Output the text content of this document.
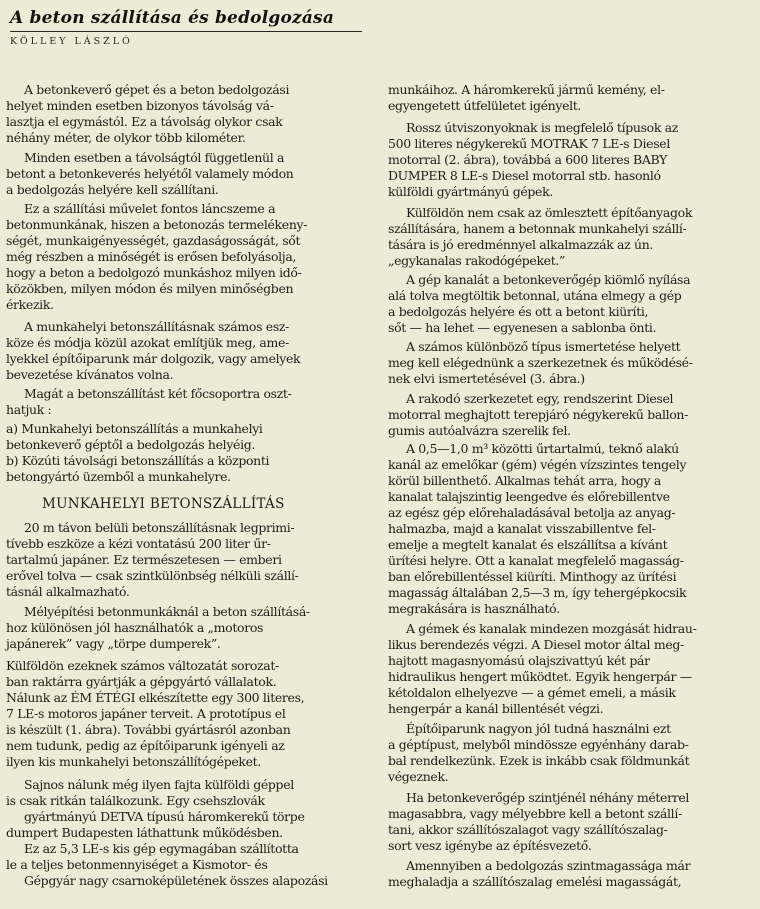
A beton szállítása és bedolgozása
KÖLLEY LÁSZLÓ
A betonkeverő gépet és a beton bedolgozási
helyet minden esetben bizonyos távolság vá-
lasztja el egymástól. Ez a távolság olykor csak
néhány méter, de olykor több kilométer.
Minden esetben a távolságtól függetlenül a
betont a betonkeverés helyétől valamely módon
a bedolgozás helyére kell szállítani.
Ez a szállítási művelet fontos láncszeme a
betonmunkának, hiszen a betonozás termelékeny-
ségét, munkaigényességét, gazdaságosságát, sőt
még részben a minőségét is erősen befolyásolja,
hogy a beton a bedolgozó munkáshoz milyen idő-
közökben, milyen módon és milyen minőségben
érkezik.
A munkahelyi betonszállításnak számos esz-
köze és módja közül azokat említjük meg, ame-
lyekkel építőiparunk már dolgozik, vagy amelyek
bevezetése kívánatos volna.
Magát a betonszállítást két főcsoportra oszt-
hatjuk :
a) Munkahelyi betonszállítás a munkahelyi
betonkeverő géptől a bedolgozás helyéig.
b) Közúti távolsági betonszállítás a központi
betongyártó üzemből a munkahelyre.
20 m távon belüli betonszállításnak legprimi-
tívebb eszköze a kézi vontatású 200 liter űr-
tartalmú japáner. Ez természetesen — emberi
erővel tolva — csak szintkülönbség nélküli szállí-
tásnál alkalmazható.
Mélyépítési betonmunkáknál a beton szállításá-
hoz különösen jól használhatók a „motoros
japánerek” vagy „törpe dumperek”.
Külföldön ezeknek számos változatát sorozat-
ban raktárra gyártják a gépgyártó vállalatok.
Nálunk az ÉM ÉTÉGI elkészítette egy 300 literes,
7 LE-s motoros japáner terveit. A prototípus el
is készült (1. ábra). További gyártásról azonban
nem tudunk, pedig az építőiparunk igényeli az
ilyen kis munkahelyi betonszállítógépeket.
Sajnos nálunk még ilyen fajta külföldi géppel
is csak ritkán találkozunk. Egy csehszlovák
gyártmányú DETVA típusú háromkerekű törpe
dumpert Budapesten láthattunk működésben.
Ez az 5,3 LE-s kis gép egymagában szállította
le a teljes betonmennyiséget a Kismotor- és
Gépgyár nagy csarnoképületének összes alapozási
MUNKAHELYI BETONSZÁLLÍTÁS
munkáihoz. A háromkerekű jármű kemény, el-
egyengetett útfelületet igényelt.
Rossz útviszonyoknak is megfelelő típusok az
500 literes négykerekű MOTRAK 7 LE-s Diesel
motorral (2. ábra), továbbá a 600 literes BABY
DUMPER 8 LE-s Diesel motorral stb. hasonló
külföldi gyártmányú gépek.
Külföldön nem csak az ömlesztett építőanyagok
szállítására, hanem a betonnak munkahelyi szállí-
tására is jó eredménnyel alkalmazzák az ún.
„egykanalas rakodógépeket.”
A gép kanalát a betonkeverőgép kiömlő nyílása
alá tolva megtöltik betonnal, utána elmegy a gép
a bedolgozás helyére és ott a betont kiüríti,
sőt — ha lehet — egyenesen a sablonba önti.
A számos különböző típus ismertetése helyett
meg kell elégednünk a szerkezetnek és működésé-
nek elvi ismertetésével (3. ábra.)
A rakodó szerkezetet egy, rendszerint Diesel
motorral meghajtott terepjáró négykerekű ballon-
gumis autóalvázra szerelik fel.
A 0,5—1,0 m³ közötti űrtartalmú, teknő alakú
kanál az emelőkar (gém) végén vízszintes tengely
körül billenthető. Alkalmas tehát arra, hogy a
kanalat talajszintig leengedve és előrebillentve
az egész gép előrehaladásával betolja az anyag-
halmazba, majd a kanalat visszabillentve fel-
emelje a megtelt kanalat és elszállítsa a kívánt
ürítési helyre. Ott a kanalat megfelelő magasság-
ban előrebillentéssel kiüríti. Minthogy az ürítési
magasság általában 2,5—3 m, így tehergépkocsik
megrakására is használható.
A gémek és kanalak mindezen mozgását hidrau-
likus berendezés végzi. A Diesel motor által meg-
hajtott magasnyomású olajszivattyú két pár
hidraulikus hengert működtet. Egyik hengerpár —
kétoldalon elhelyezve — a gémet emeli, a másik
hengerpár a kanál billentését végzi.
Építőiparunk nagyon jól tudná használni ezt
a géptípust, melyből mindössze egyénhány darab-
bal rendelkezünk. Ezek is inkább csak földmunkát
végeznek.
Ha betonkeverőgép szintjénél néhány méterrel
magasabbra, vagy mélyebbre kell a betont szállí-
tani, akkor szállítószalagot vagy szállítószalag-
sort vesz igénybe az építésvezető.
Amennyiben a bedolgozás szintmagassága már
meghaladja a szállítószalag emelési magasságát,
